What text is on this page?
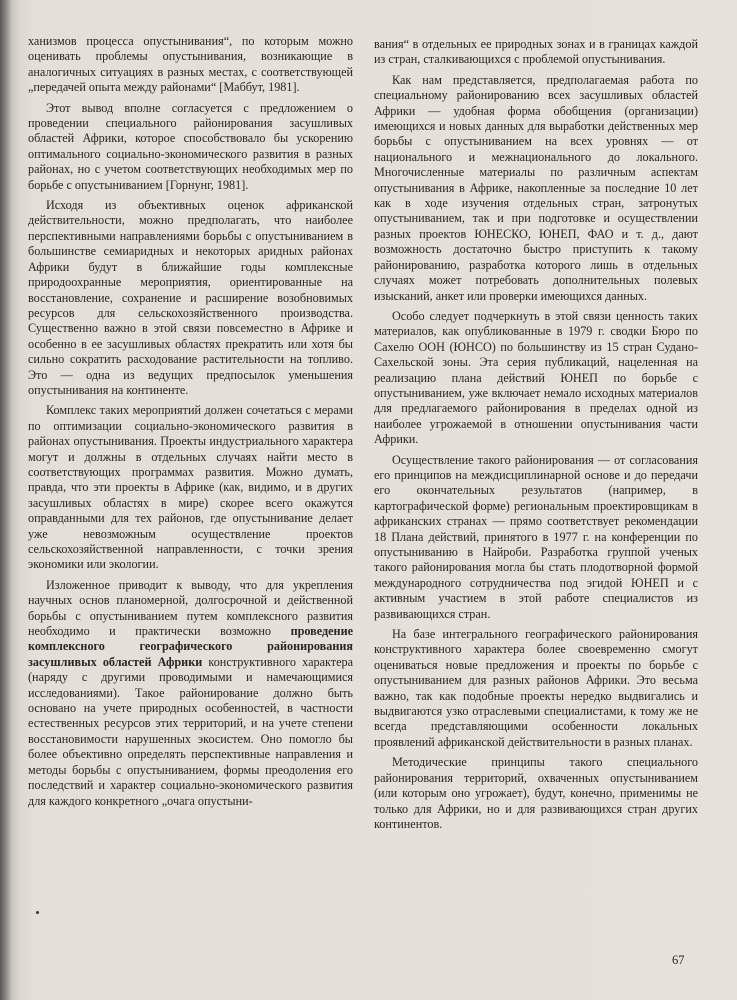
ханизмов процесса опустынивания“, по которым можно оценивать проблемы опустынивания, возникающие в аналогичных ситуациях в разных местах, с соответствующей „передачей опыта между районами“ [Маббут, 1981].

Этот вывод вполне согласуется с предложением о проведении специального районирования засушливых областей Африки, которое способствовало бы ускорению оптимального социально-экономического развития в разных районах, но с учетом соответствующих необходимых мер по борьбе с опустыниванием [Горнунг, 1981].

Исходя из объективных оценок африканской действительности, можно предполагать, что наиболее перспективными направлениями борьбы с опустыниванием в большинстве семиаридных и некоторых аридных районах Африки будут в ближайшие годы комплексные природоохранные мероприятия, ориентированные на восстановление, сохранение и расширение возобновимых ресурсов для сельскохозяйственного производства. Существенно важно в этой связи повсеместно в Африке и особенно в ее засушливых областях прекратить или хотя бы сильно сократить расходование растительности на топливо. Это — одна из ведущих предпосылок уменьшения опустынивания на континенте.

Комплекс таких мероприятий должен сочетаться с мерами по оптимизации социально-экономического развития в районах опустынивания. Проекты индустриального характера могут и должны в отдельных случаях найти место в соответствующих программах развития. Можно думать, правда, что эти проекты в Африке (как, видимо, и в других засушливых областях в мире) скорее всего окажутся оправданными для тех районов, где опустынивание делает уже невозможным осуществление проектов сельскохозяйственной направленности, с точки зрения экономики или экологии.

Изложенное приводит к выводу, что для укрепления научных основ планомерной, долгосрочной и действенной борьбы с опустыниванием путем комплексного развития необходимо и практически возможно проведение комплексного географического районирования засушливых областей Африки конструктивного характера (наряду с другими проводимыми и намечающимися исследованиями). Такое районирование должно быть основано на учете природных особенностей, в частности естественных ресурсов этих территорий, и на учете степени восстановимости нарушенных экосистем. Оно помогло бы более объективно определять перспективные направления и методы борьбы с опустыниванием, формы преодоления его последствий и характер социально-экономического развития для каждого конкретного „очага опустыни-

вания“ в отдельных ее природных зонах и в границах каждой из стран, сталкивающихся с проблемой опустынивания.

Как нам представляется, предполагаемая работа по специальному районированию всех засушливых областей Африки — удобная форма обобщения (организации) имеющихся и новых данных для выработки действенных мер борьбы с опустыниванием на всех уровнях — от национального и межнационального до локального. Многочисленные материалы по различным аспектам опустынивания в Африке, накопленные за последние 10 лет как в ходе изучения отдельных стран, затронутых опустыниванием, так и при подготовке и осуществлении разных проектов ЮНЕСКО, ЮНЕП, ФАО и т. д., дают возможность достаточно быстро приступить к такому районированию, разработка которого лишь в отдельных случаях может потребовать дополнительных полевых изысканий, анкет или проверки имеющихся данных.

Особо следует подчеркнуть в этой связи ценность таких материалов, как опубликованные в 1979 г. сводки Бюро по Сахелю ООН (ЮНСО) по большинству из 15 стран Судано-Сахельской зоны. Эта серия публикаций, нацеленная на реализацию плана действий ЮНЕП по борьбе с опустыниванием, уже включает немало исходных материалов для предлагаемого районирования в пределах одной из наиболее угрожаемой в отношении опустынивания части Африки.

Осуществление такого районирования — от согласования его принципов на междисциплинарной основе и до передачи его окончательных результатов (например, в картографической форме) региональным проектировщикам в африканских странах — прямо соответствует рекомендации 18 Плана действий, принятого в 1977 г. на конференции по опустыниванию в Найроби. Разработка группой ученых такого районирования могла бы стать плодотворной формой международного сотрудничества под эгидой ЮНЕП и с активным участием в этой работе специалистов из развивающихся стран.

На базе интегрального географического районирования конструктивного характера более своевременно смогут оцениваться новые предложения и проекты по борьбе с опустыниванием для разных районов Африки. Это весьма важно, так как подобные проекты нередко выдвигались и выдвигаются узко отраслевыми специалистами, к тому же не всегда представляющими особенности локальных проявлений африканской действительности в разных планах.

Методические принципы такого специального районирования территорий, охваченных опустыниванием (или которым оно угрожает), будут, конечно, применимы не только для Африки, но и для развивающихся стран других континентов.

67
